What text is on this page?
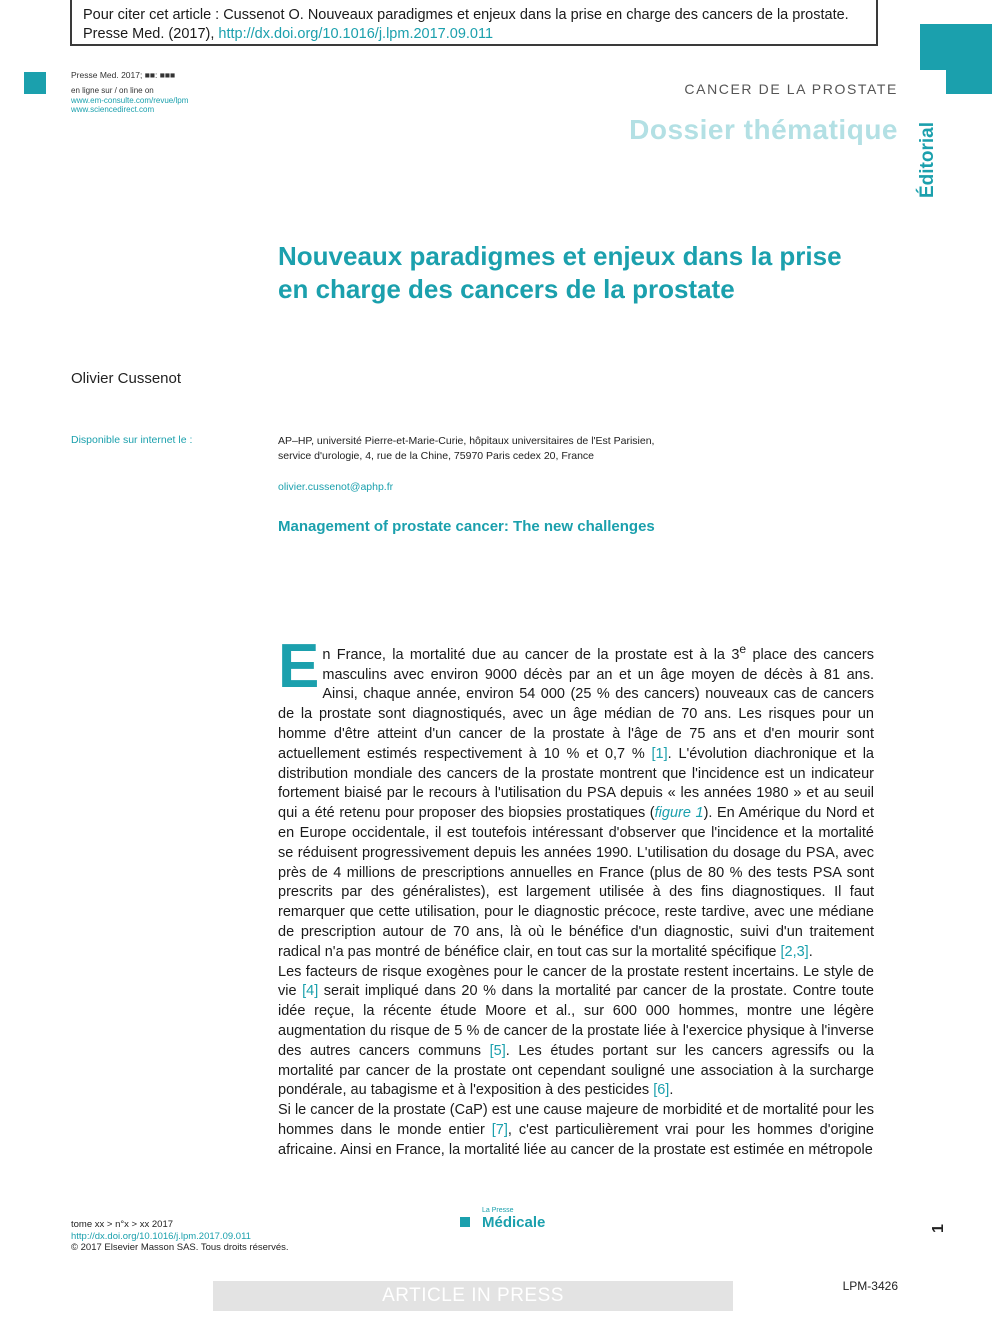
Pour citer cet article : Cussenot O. Nouveaux paradigmes et enjeux dans la prise en charge des cancers de la prostate. Presse Med. (2017), http://dx.doi.org/10.1016/j.lpm.2017.09.011
Presse Med. 2017; ■■: ■■■
en ligne sur / on line on
www.em-consulte.com/revue/lpm
www.sciencedirect.com
CANCER DE LA PROSTATE
Dossier thématique Éditorial
Nouveaux paradigmes et enjeux dans la prise en charge des cancers de la prostate
Olivier Cussenot
Disponible sur internet le :	AP–HP, université Pierre-et-Marie-Curie, hôpitaux universitaires de l'Est Parisien,
service d'urologie, 4, rue de la Chine, 75970 Paris cedex 20, France
olivier.cussenot@aphp.fr
Management of prostate cancer: The new challenges

En France, la mortalité due au cancer de la prostate est à la 3e place des cancers masculins avec environ 9000 décès par an et un âge moyen de décès à 81 ans. Ainsi, chaque année, environ 54 000 (25 % des cancers) nouveaux cas de cancers de la prostate sont diagnostiqués, avec un âge médian de 70 ans. Les risques pour un homme d'être atteint d'un cancer de la prostate à l'âge de 75 ans et d'en mourir sont actuellement estimés respectivement à 10 % et 0,7 % [1]. L'évolution diachronique et la distribution mondiale des cancers de la prostate montrent que l'incidence est un indicateur fortement biaisé par le recours à l'utilisation du PSA depuis « les années 1980 » et au seuil qui a été retenu pour proposer des biopsies prostatiques (figure 1). En Amérique du Nord et en Europe occidentale, il est toutefois intéressant d'observer que l'incidence et la mortalité se réduisent progressivement depuis les années 1990. L'utilisation du dosage du PSA, avec près de 4 millions de prescriptions annuelles en France (plus de 80 % des tests PSA sont prescrits par des généralistes), est largement utilisée à des fins diagnostiques. Il faut remarquer que cette utilisation, pour le diagnostic précoce, reste tardive, avec une médiane de prescription autour de 70 ans, là où le bénéfice d'un diagnostic, suivi d'un traitement radical n'a pas montré de bénéfice clair, en tout cas sur la mortalité spécifique [2,3].

Les facteurs de risque exogènes pour le cancer de la prostate restent incertains. Le style de vie [4] serait impliqué dans 20 % dans la mortalité par cancer de la prostate. Contre toute idée reçue, la récente étude Moore et al., sur 600 000 hommes, montre une légère augmentation du risque de 5 % de cancer de la prostate liée à l'exercice physique à l'inverse des autres cancers communs [5]. Les études portant sur les cancers agressifs ou la mortalité par cancer de la prostate ont cependant souligné une association à la surcharge pondérale, au tabagisme et à l'exposition à des pesticides [6].

Si le cancer de la prostate (CaP) est une cause majeure de morbidité et de mortalité pour les hommes dans le monde entier [7], c'est particulièrement vrai pour les hommes d'origine africaine. Ainsi en France, la mortalité liée au cancer de la prostate est estimée en métropole

tome xx > n°x > xx 2017
http://dx.doi.org/10.1016/j.lpm.2017.09.011
© 2017 Elsevier Masson SAS. Tous droits réservés.
La Presse
Médicale	1
ARTICLE IN PRESS	LPM-3426
